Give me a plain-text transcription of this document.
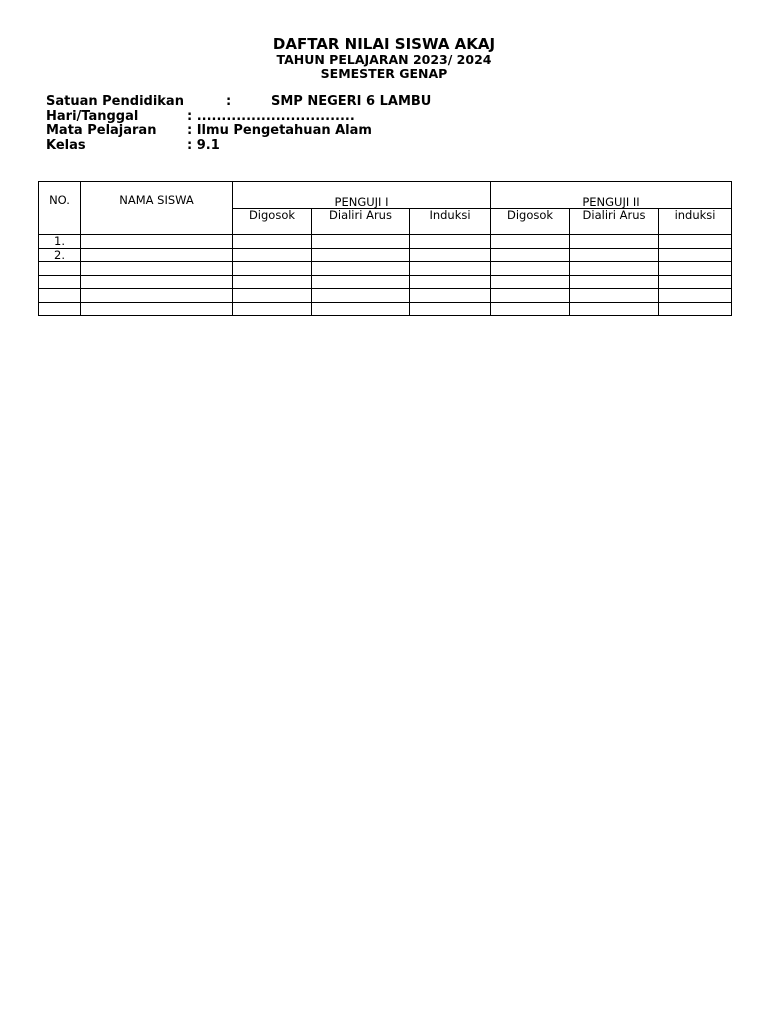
DAFTAR NILAI SISWA AKAJ
TAHUN PELAJARAN 2023/ 2024
SEMESTER GENAP
Satuan Pendidikan	:	SMP NEGERI 6 LAMBU
Hari/Tanggal	: ................................
Mata Pelajaran : Ilmu Pengetahuan Alam
Kelas	: 9.1
NO.	NAMA SISWA	PENGUJI I			PENGUJI II		
		Digosok	Dialiri Arus	Induksi	Digosok	Dialiri Arus	induksi
1.							
2.							
